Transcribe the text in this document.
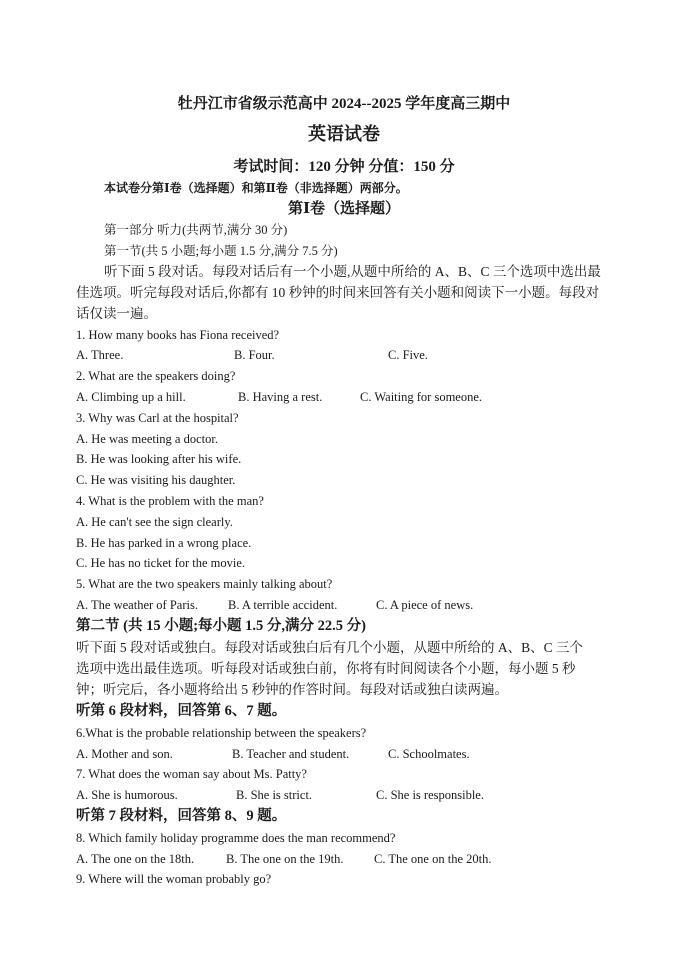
牡丹江市省级示范高中 2024--2025 学年度高三期中
英语试卷
考试时间：120 分钟 分值：150 分
本试卷分第Ⅰ卷（选择题）和第Ⅱ卷（非选择题）两部分。
第Ⅰ卷（选择题）
第一部分 听力(共两节,满分 30 分)
第一节(共 5 小题;每小题 1.5 分,满分 7.5 分)
听下面 5 段对话。每段对话后有一个小题,从题中所给的 A、B、C 三个选项中选出最
佳选项。听完每段对话后,你都有 10 秒钟的时间来回答有关小题和阅读下一小题。每段对
话仅读一遍。
1. How many books has Fiona received?
A. Three.	B. Four.	C. Five.
2. What are the speakers doing?
A. Climbing up a hill.	B. Having a rest.	C. Waiting for someone.
3. Why was Carl at the hospital?
A. He was meeting a doctor.
B. He was looking after his wife.
C. He was visiting his daughter.
4. What is the problem with the man?
A. He can't see the sign clearly.
B. He has parked in a wrong place.
C. He has no ticket for the movie.
5. What are the two speakers mainly talking about?
A. The weather of Paris. B. A terrible accident.	C. A piece of news.
第二节 (共 15 小题;每小题 1.5 分,满分 22.5 分)
听下面 5 段对话或独白。每段对话或独白后有几个小题，从题中所给的 A、B、C 三个
选项中选出最佳选项。听每段对话或独白前，你将有时间阅读各个小题，每小题 5 秒
钟；听完后，各小题将给出 5 秒钟的作答时间。每段对话或独白读两遍。
听第 6 段材料，回答第 6、7 题。
6.What is the probable relationship between the speakers?
A. Mother and son.	B. Teacher and student.	C. Schoolmates.
7. What does the woman say about Ms. Patty?
A. She is humorous.	B. She is strict.	C. She is responsible.
听第 7 段材料，回答第 8、9 题。
8. Which family holiday programme does the man recommend?
A. The one on the 18th.	B. The one on the 19th. C. The one on the 20th.
9. Where will the woman probably go?
